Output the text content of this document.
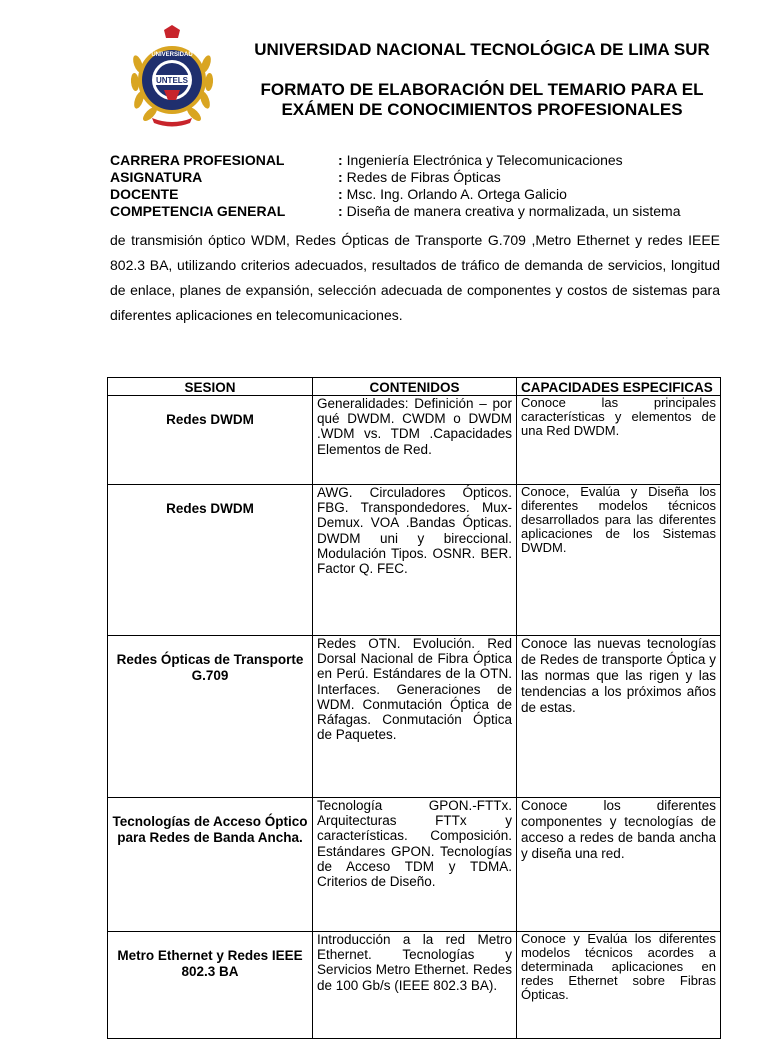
UNIVERSIDAD
UNTELS
UNIVERSIDAD NACIONAL TECNOLÓGICA DE LIMA SUR
FORMATO DE ELABORACIÓN DEL TEMARIO PARA EL
EXÁMEN DE CONOCIMIENTOS PROFESIONALES
CARRERA PROFESIONAL	: Ingeniería Electrónica y Telecomunicaciones
ASIGNATURA	: Redes de Fibras Ópticas
DOCENTE	: Msc. Ing. Orlando A. Ortega Galicio
COMPETENCIA GENERAL	: Diseña de manera creativa y normalizada, un sistema
de transmisión óptico WDM, Redes Ópticas de Transporte G.709 ,Metro Ethernet y redes IEEE 802.3 BA, utilizando criterios adecuados, resultados de tráfico de demanda de servicios, longitud de enlace, planes de expansión, selección adecuada de componentes y costos de sistemas para diferentes aplicaciones en telecomunicaciones.
SESION	CONTENIDOS	CAPACIDADES ESPECIFICAS
Redes DWDM	Generalidades: Definición – por qué DWDM. CWDM o DWDM .WDM vs. TDM .Capacidades Elementos de Red.	Conoce las principales características y elementos de una Red DWDM.
Redes DWDM	AWG. Circuladores Ópticos. FBG. Transpondedores. Mux-Demux. VOA .Bandas Ópticas. DWDM uni y bireccional. Modulación Tipos. OSNR. BER. Factor Q. FEC.	Conoce, Evalúa y Diseña los diferentes modelos técnicos desarrollados para las diferentes aplicaciones de los Sistemas DWDM.
Redes Ópticas de Transporte G.709	Redes OTN. Evolución. Red Dorsal Nacional de Fibra Óptica en Perú. Estándares de la OTN. Interfaces. Generaciones de WDM. Conmutación Óptica de Ráfagas. Conmutación Óptica de Paquetes.	Conoce las nuevas tecnologías de Redes de transporte Óptica y las normas que las rigen y las tendencias a los próximos años de estas.
Tecnologías de Acceso Óptico para Redes de Banda Ancha.	Tecnología GPON.-FTTx. Arquitecturas FTTx y características. Composición. Estándares GPON. Tecnologías de Acceso TDM y TDMA. Criterios de Diseño.	Conoce los diferentes componentes y tecnologías de acceso a redes de banda ancha y diseña una red.
Metro Ethernet y Redes IEEE 802.3 BA	Introducción a la red Metro Ethernet. Tecnologías y Servicios Metro Ethernet. Redes de 100 Gb/s (IEEE 802.3 BA).	Conoce y Evalúa los diferentes modelos técnicos acordes a determinada aplicaciones en redes Ethernet sobre Fibras Ópticas.
